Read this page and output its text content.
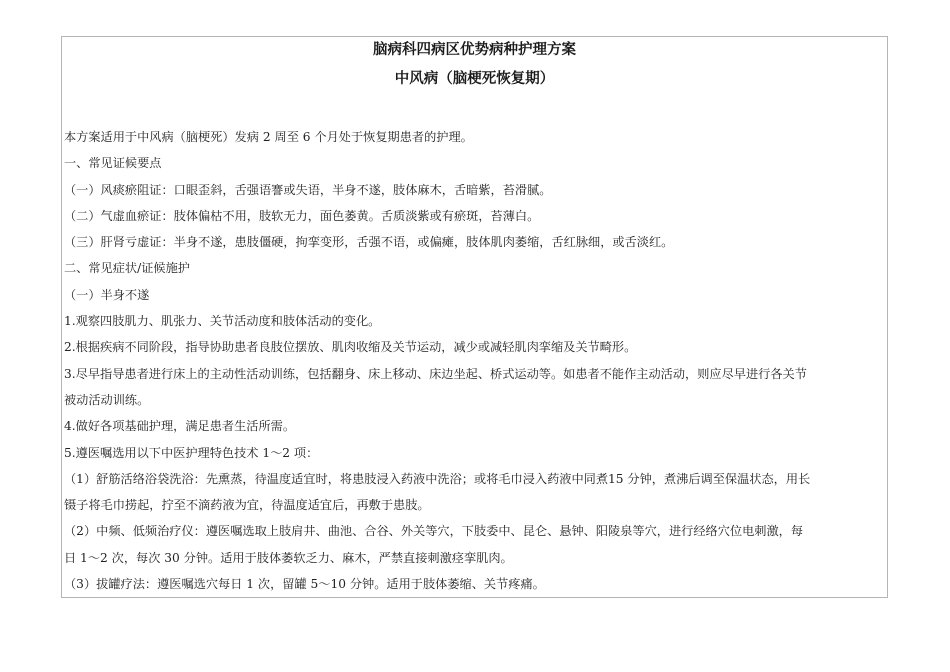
脑病科四病区优势病种护理方案
中风病（脑梗死恢复期）
本方案适用于中风病（脑梗死）发病 2 周至 6 个月处于恢复期患者的护理。
一、常见证候要点
（一）风痰瘀阻证：口眼歪斜，舌强语謇或失语，半身不遂，肢体麻木，舌暗紫，苔滑腻。
（二）气虚血瘀证：肢体偏枯不用，肢软无力，面色萎黄。舌质淡紫或有瘀斑，苔薄白。
（三）肝肾亏虚证：半身不遂，患肢僵硬，拘挛变形，舌强不语，或偏瘫，肢体肌肉萎缩，舌红脉细，或舌淡红。
二、常见症状/证候施护
（一）半身不遂
1.观察四肢肌力、肌张力、关节活动度和肢体活动的变化。
2.根据疾病不同阶段，指导协助患者良肢位摆放、肌肉收缩及关节运动，减少或减轻肌肉挛缩及关节畸形。
3.尽早指导患者进行床上的主动性活动训练，包括翻身、床上移动、床边坐起、桥式运动等。如患者不能作主动活动，则应尽早进行各关节
被动活动训练。
4.做好各项基础护理，满足患者生活所需。
5.遵医嘱选用以下中医护理特色技术 1～2 项：
（1）舒筋活络浴袋洗浴：先熏蒸，待温度适宜时，将患肢浸入药液中洗浴；或将毛巾浸入药液中同煮15 分钟，煮沸后调至保温状态，用长
镊子将毛巾捞起，拧至不滴药液为宜，待温度适宜后，再敷于患肢。
（2）中频、低频治疗仪：遵医嘱选取上肢肩井、曲池、合谷、外关等穴，下肢委中、昆仑、悬钟、阳陵泉等穴，进行经络穴位电刺激，每
日 1～2 次，每次 30 分钟。适用于肢体萎软乏力、麻木，严禁直接刺激痉挛肌肉。
（3）拔罐疗法：遵医嘱选穴每日 1 次，留罐 5～10 分钟。适用于肢体萎缩、关节疼痛。
